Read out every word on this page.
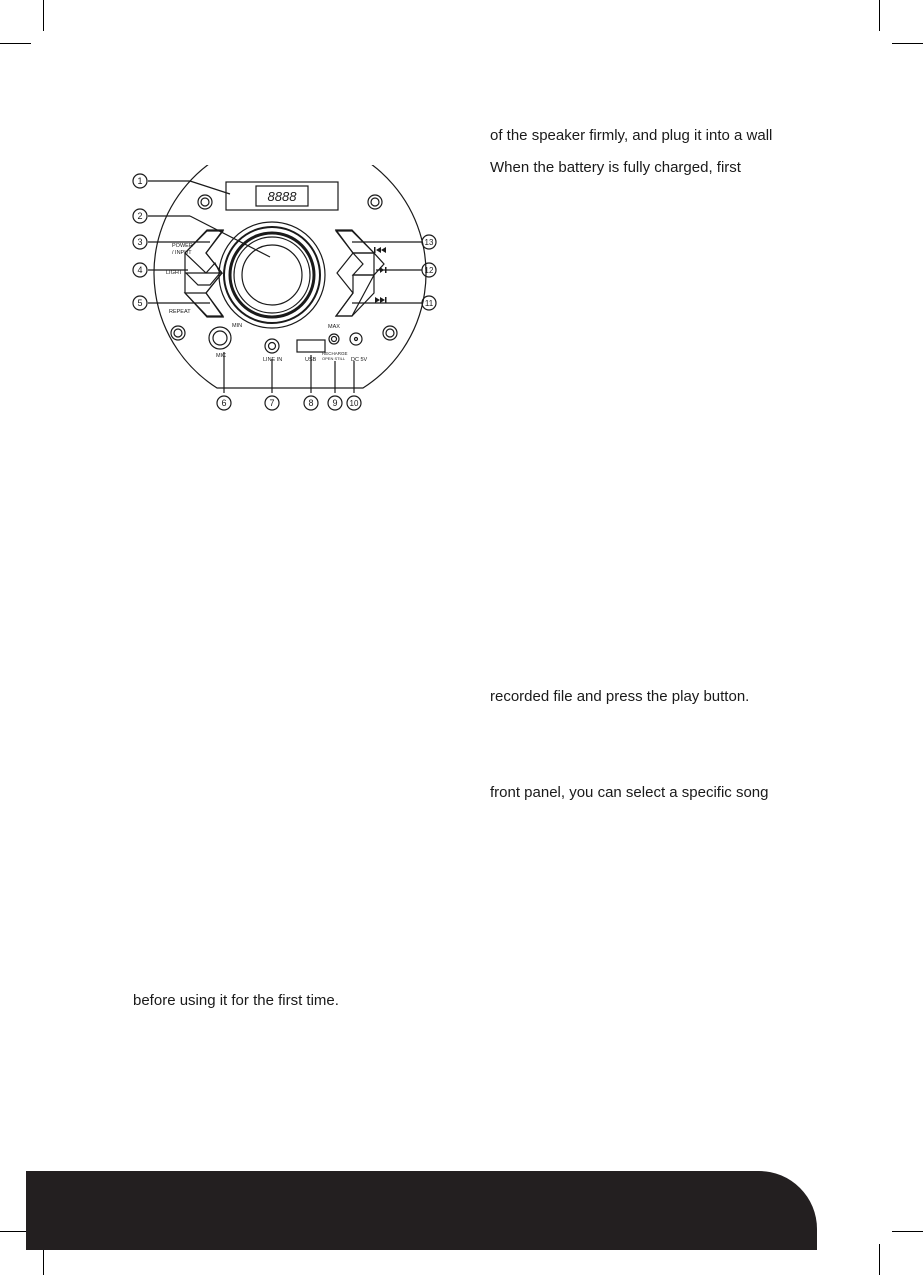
of the speaker firmly, and plug it into a wall
When the battery is fully charged, first
recorded file and press the play button.
front panel, you can select a specific song
before using it for the first time.
8888
1
2
3
4
5
6	7	8 9 10
11
12
13
POWER
/ INPUT
LIGHT
REPEAT
MIN	MAX
MIC
LINE IN	USB
RECHARGE
OPEN STILL DC 5V
